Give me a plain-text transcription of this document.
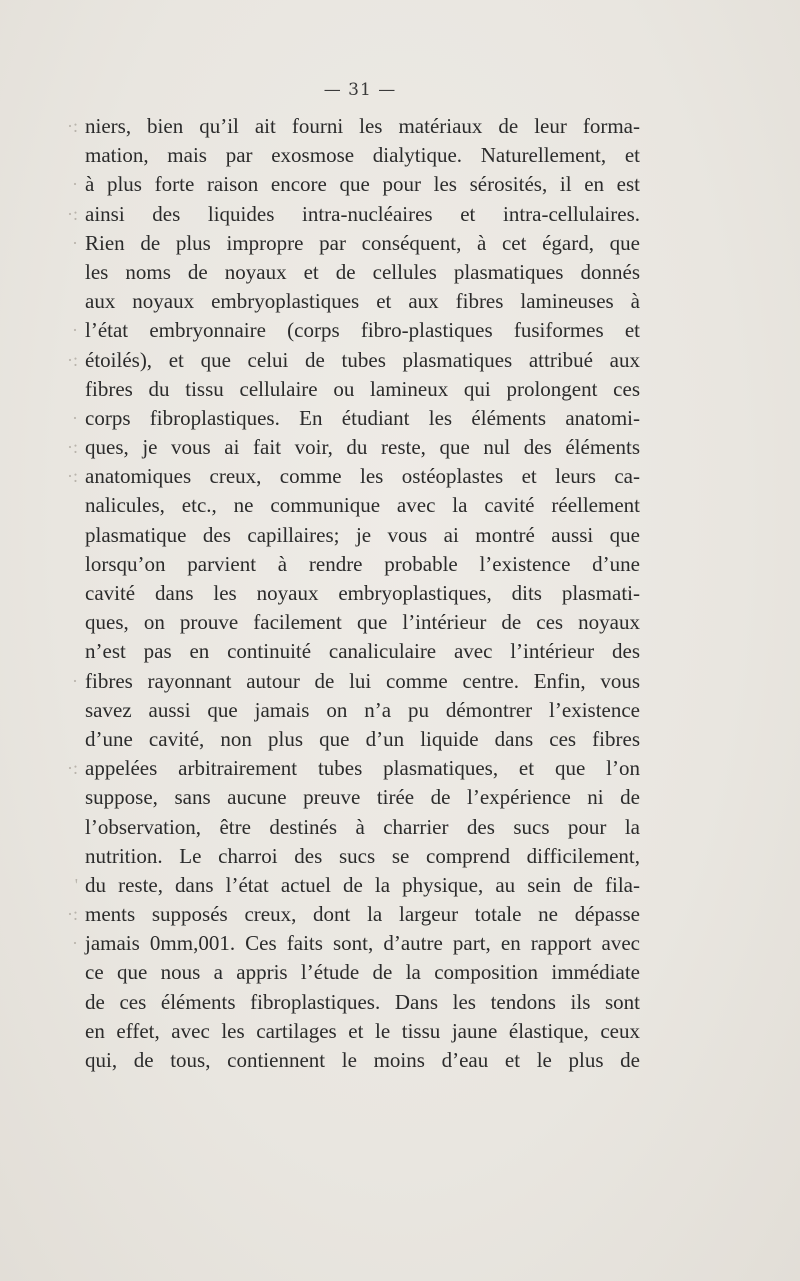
— 31 —
·:
·
·:
·
·
·:
·
·:
·:
·
·:
'
·:
·
niers, bien qu’il ait fourni les matériaux de leur forma-
mation, mais par exosmose dialytique. Naturellement, et
à plus forte raison encore que pour les sérosités, il en est
ainsi des liquides intra-nucléaires et intra-cellulaires.
Rien de plus impropre par conséquent, à cet égard, que
les noms de noyaux et de cellules plasmatiques donnés
aux noyaux embryoplastiques et aux fibres lamineuses à
l’état embryonnaire (corps fibro-plastiques fusiformes et
étoilés), et que celui de tubes plasmatiques attribué aux
fibres du tissu cellulaire ou lamineux qui prolongent ces
corps fibroplastiques. En étudiant les éléments anatomi-
ques, je vous ai fait voir, du reste, que nul des éléments
anatomiques creux, comme les ostéoplastes et leurs ca-
nalicules, etc., ne communique avec la cavité réellement
plasmatique des capillaires; je vous ai montré aussi que
lorsqu’on parvient à rendre probable l’existence d’une
cavité dans les noyaux embryoplastiques, dits plasmati-
ques, on prouve facilement que l’intérieur de ces noyaux
n’est pas en continuité canaliculaire avec l’intérieur des
fibres rayonnant autour de lui comme centre. Enfin, vous
savez aussi que jamais on n’a pu démontrer l’existence
d’une cavité, non plus que d’un liquide dans ces fibres
appelées arbitrairement tubes plasmatiques, et que l’on
suppose, sans aucune preuve tirée de l’expérience ni de
l’observation, être destinés à charrier des sucs pour la
nutrition. Le charroi des sucs se comprend difficilement,
du reste, dans l’état actuel de la physique, au sein de fila-
ments supposés creux, dont la largeur totale ne dépasse
jamais 0mm,001. Ces faits sont, d’autre part, en rapport avec
ce que nous a appris l’étude de la composition immédiate
de ces éléments fibroplastiques. Dans les tendons ils sont
en effet, avec les cartilages et le tissu jaune élastique, ceux
qui, de tous, contiennent le moins d’eau et le plus de
